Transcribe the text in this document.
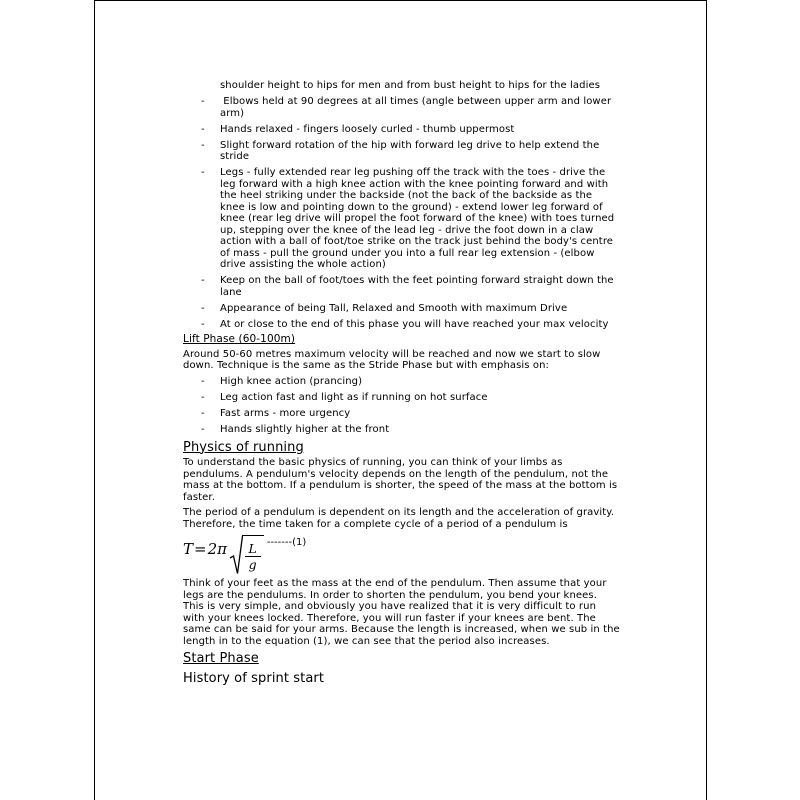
shoulder height to hips for men and from bust height to hips for the ladies
-	Elbows held at 90 degrees at all times (angle between upper arm and lower arm)
-	Hands relaxed - fingers loosely curled - thumb uppermost
-	Slight forward rotation of the hip with forward leg drive to help extend the stride
-	Legs - fully extended rear leg pushing off the track with the toes - drive the leg forward with a high knee action with the knee pointing forward and with the heel striking under the backside (not the back of the backside as the knee is low and pointing down to the ground) - extend lower leg forward of knee (rear leg drive will propel the foot forward of the knee) with toes turned up, stepping over the knee of the lead leg - drive the foot down in a claw action with a ball of foot/toe strike on the track just behind the body's centre of mass - pull the ground under you into a full rear leg extension - (elbow drive assisting the whole action)
-	Keep on the ball of foot/toes with the feet pointing forward straight down the lane
-	Appearance of being Tall, Relaxed and Smooth with maximum Drive
-	At or close to the end of this phase you will have reached your max velocity
Lift Phase (60-100m)
Around 50-60 metres maximum velocity will be reached and now we start to slow down. Technique is the same as the Stride Phase but with emphasis on:
-	High knee action (prancing)
-	Leg action fast and light as if running on hot surface
-	Fast arms - more urgency
-	Hands slightly higher at the front
Physics of running
To understand the basic physics of running, you can think of your limbs as pendulums. A pendulum's velocity depends on the length of the pendulum, not the mass at the bottom. If a pendulum is shorter, the speed of the mass at the bottom is faster.
The period of a pendulum is dependent on its length and the acceleration of gravity. Therefore, the time taken for a complete cycle of a period of a pendulum is
$T = 2\pi \frac{L}{g} -------(1)$
Think of your feet as the mass at the end of the pendulum. Then assume that your legs are the pendulums. In order to shorten the pendulum, you bend your knees. This is very simple, and obviously you have realized that it is very difficult to run with your knees locked. Therefore, you will run faster if your knees are bent. The same can be said for your arms. Because the length is increased, when we sub in the length in to the equation (1), we can see that the period also increases.
Start Phase
History of sprint start
